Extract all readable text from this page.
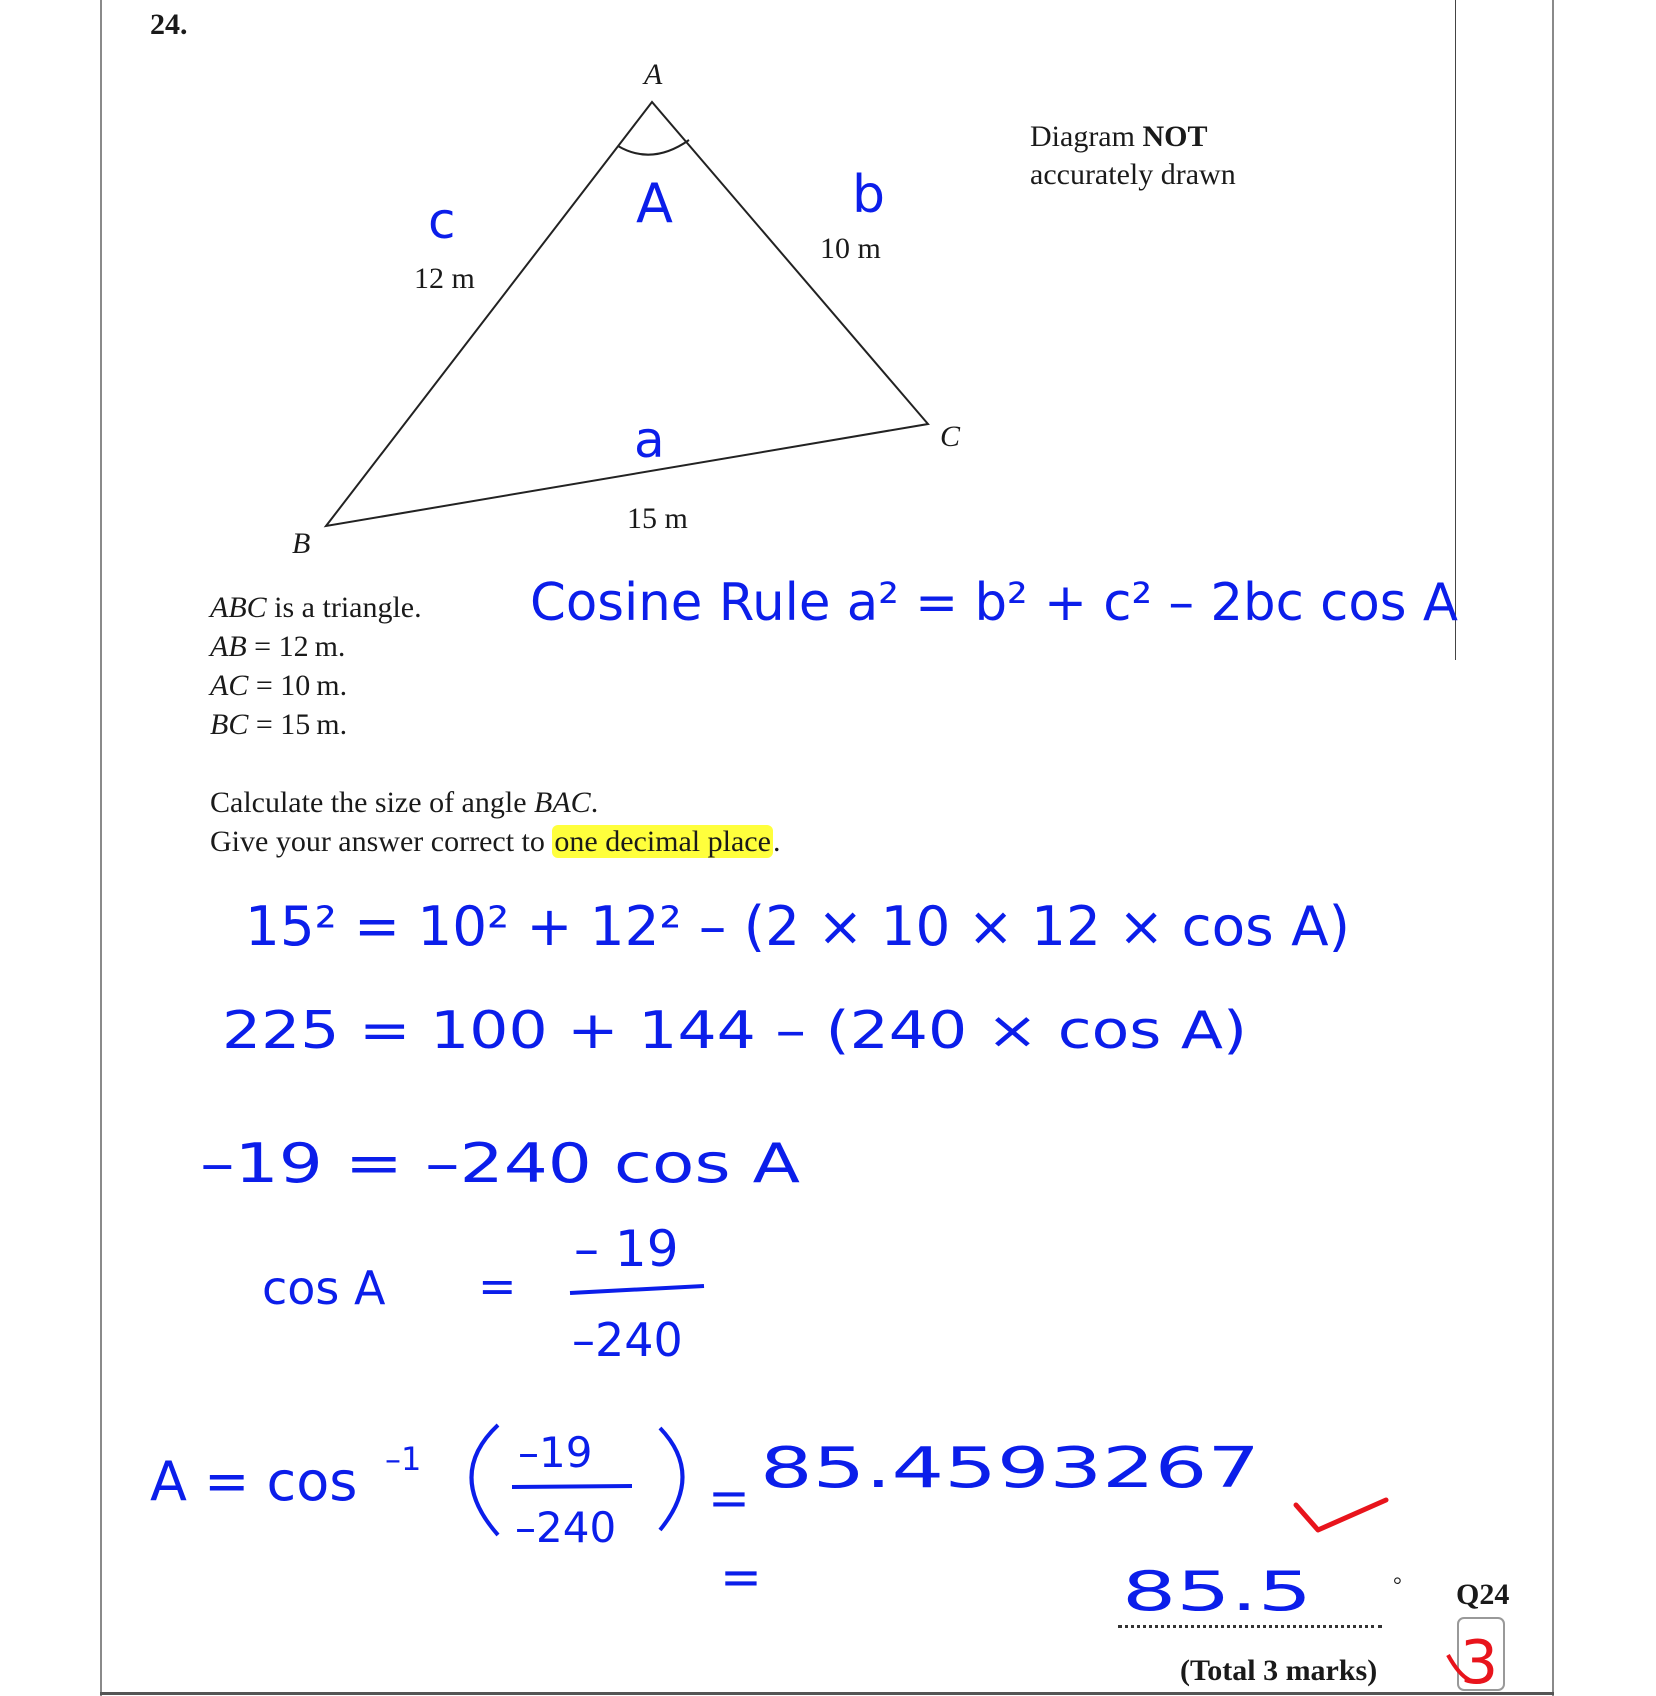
24.
A
B
C
12 m
10 m
15 m
Diagram NOT
accurately drawn
ABC is a triangle.
AB = 12 m.
AC = 10 m.
BC = 15 m.
Calculate the size of angle BAC.
Give your answer correct to one decimal place.
c	A	b
a
Cosine Rule a² = b² + c² – 2bc cos A
15² = 10² + 12² – (2 × 10 × 12 × cos A)
225 = 100 + 144 – (240 × cos A)
–19 = –240 cos A
cos A =
– 19
–240
A = cos –1 –19
–240
= 85.4593267
=	85.5
3
° Q24
(Total 3 marks)
